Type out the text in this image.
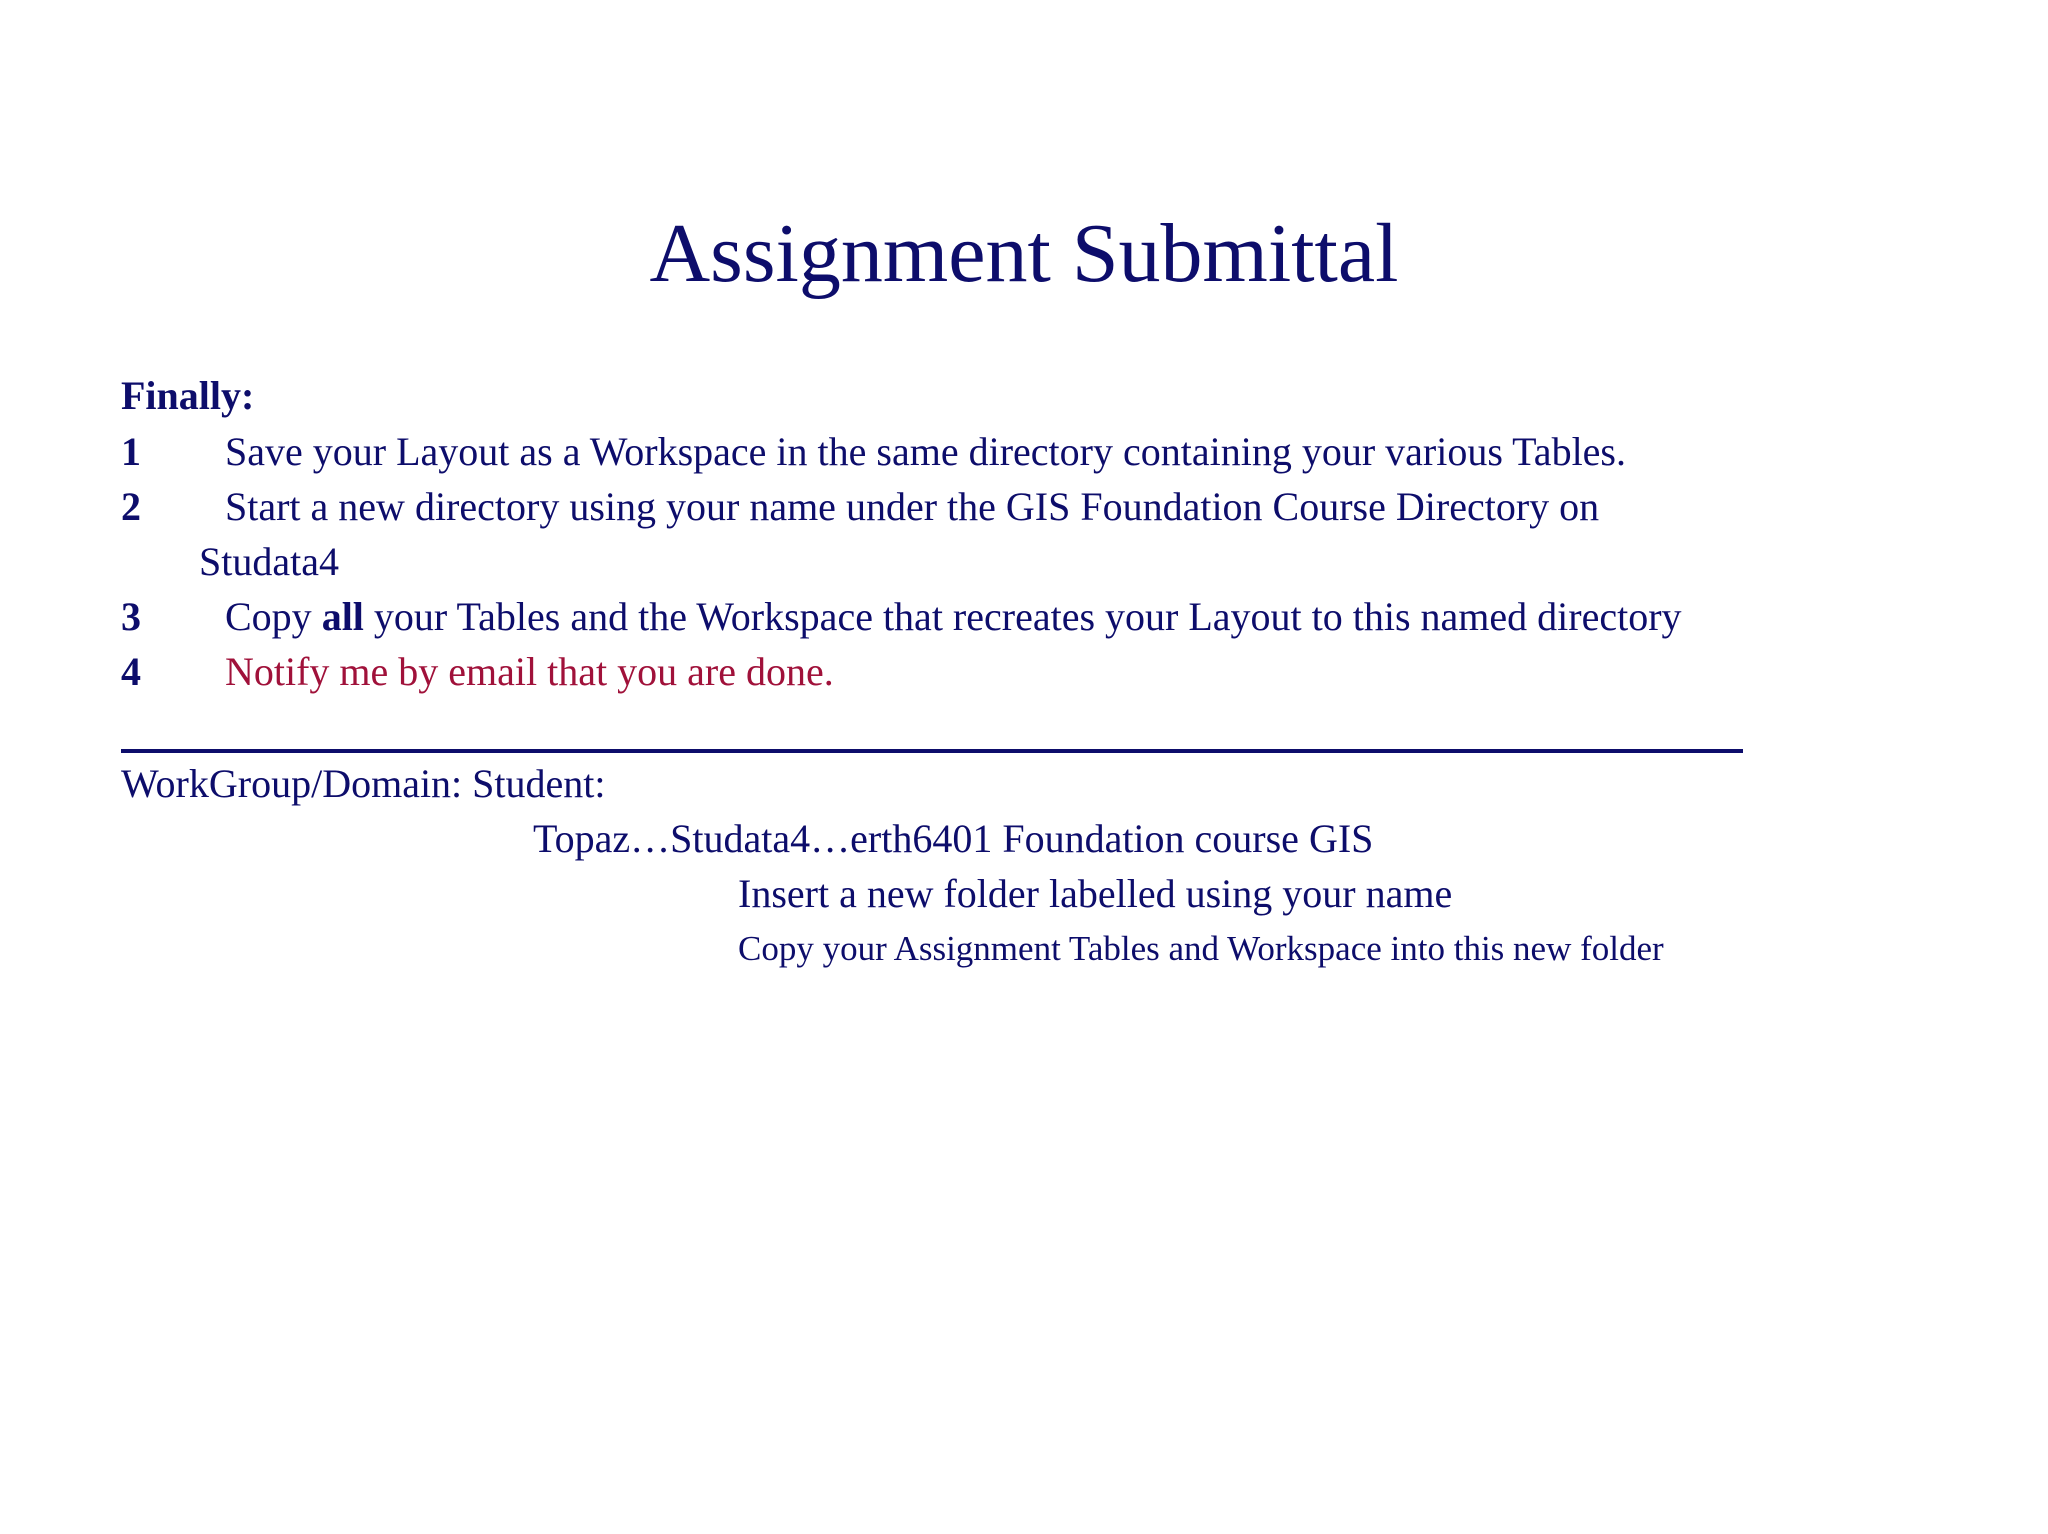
Assignment Submittal
Finally:
1	Save your Layout as a Workspace in the same directory containing your various Tables.
2	Start a new directory using your name under the GIS Foundation Course Directory on
Studata4
3	Copy all your Tables and the Workspace that recreates your Layout to this named directory
4	Notify me by email that you are done.
WorkGroup/Domain: Student:
Topaz…Studata4…erth6401 Foundation course GIS
Insert a new folder labelled using your name
Copy your Assignment Tables and Workspace into this new folder
